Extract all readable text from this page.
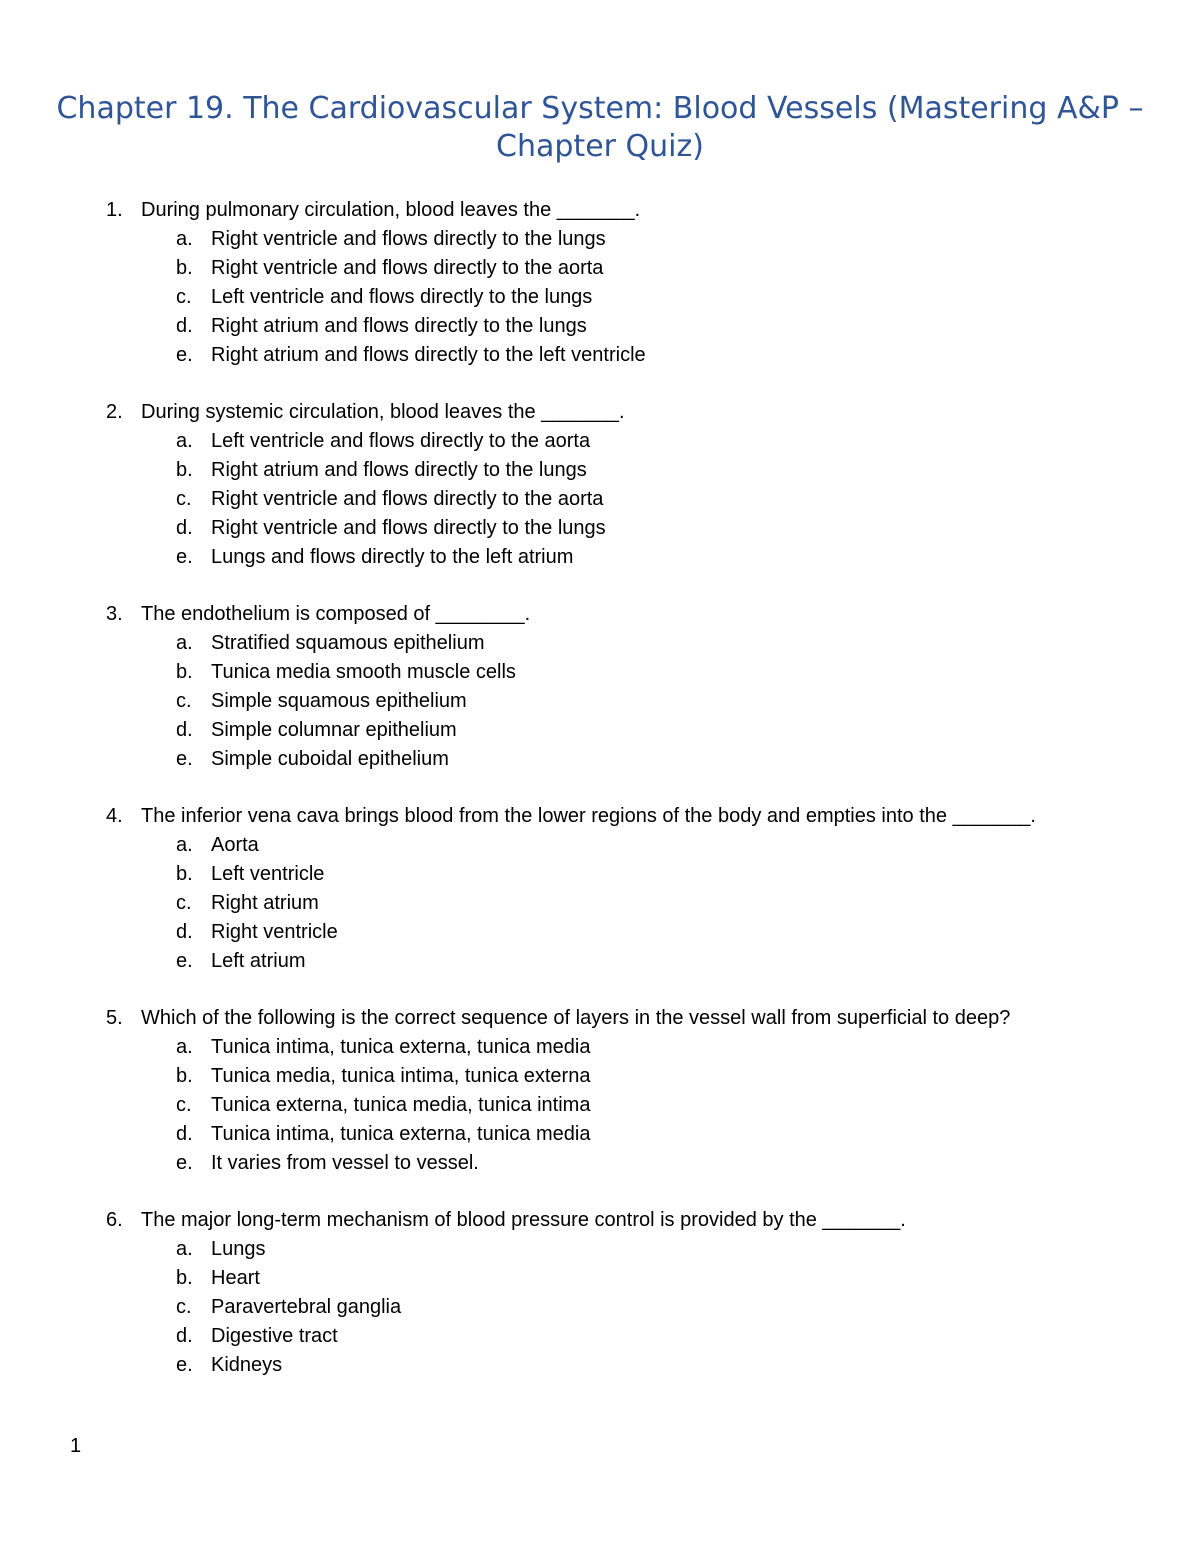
Chapter 19. The Cardiovascular System: Blood Vessels (Mastering A&P – Chapter Quiz)
1. During pulmonary circulation, blood leaves the _______.
a. Right ventricle and flows directly to the lungs
b. Right ventricle and flows directly to the aorta
c. Left ventricle and flows directly to the lungs
d. Right atrium and flows directly to the lungs
e. Right atrium and flows directly to the left ventricle
2. During systemic circulation, blood leaves the _______.
a. Left ventricle and flows directly to the aorta
b. Right atrium and flows directly to the lungs
c. Right ventricle and flows directly to the aorta
d. Right ventricle and flows directly to the lungs
e. Lungs and flows directly to the left atrium
3. The endothelium is composed of ________.
a. Stratified squamous epithelium
b. Tunica media smooth muscle cells
c. Simple squamous epithelium
d. Simple columnar epithelium
e. Simple cuboidal epithelium
4. The inferior vena cava brings blood from the lower regions of the body and empties into the _______.
a. Aorta
b. Left ventricle
c. Right atrium
d. Right ventricle
e. Left atrium
5. Which of the following is the correct sequence of layers in the vessel wall from superficial to deep?
a. Tunica intima, tunica externa, tunica media
b. Tunica media, tunica intima, tunica externa
c. Tunica externa, tunica media, tunica intima
d. Tunica intima, tunica externa, tunica media
e. It varies from vessel to vessel.
6. The major long-term mechanism of blood pressure control is provided by the _______.
a. Lungs
b. Heart
c. Paravertebral ganglia
d. Digestive tract
e. Kidneys
1
